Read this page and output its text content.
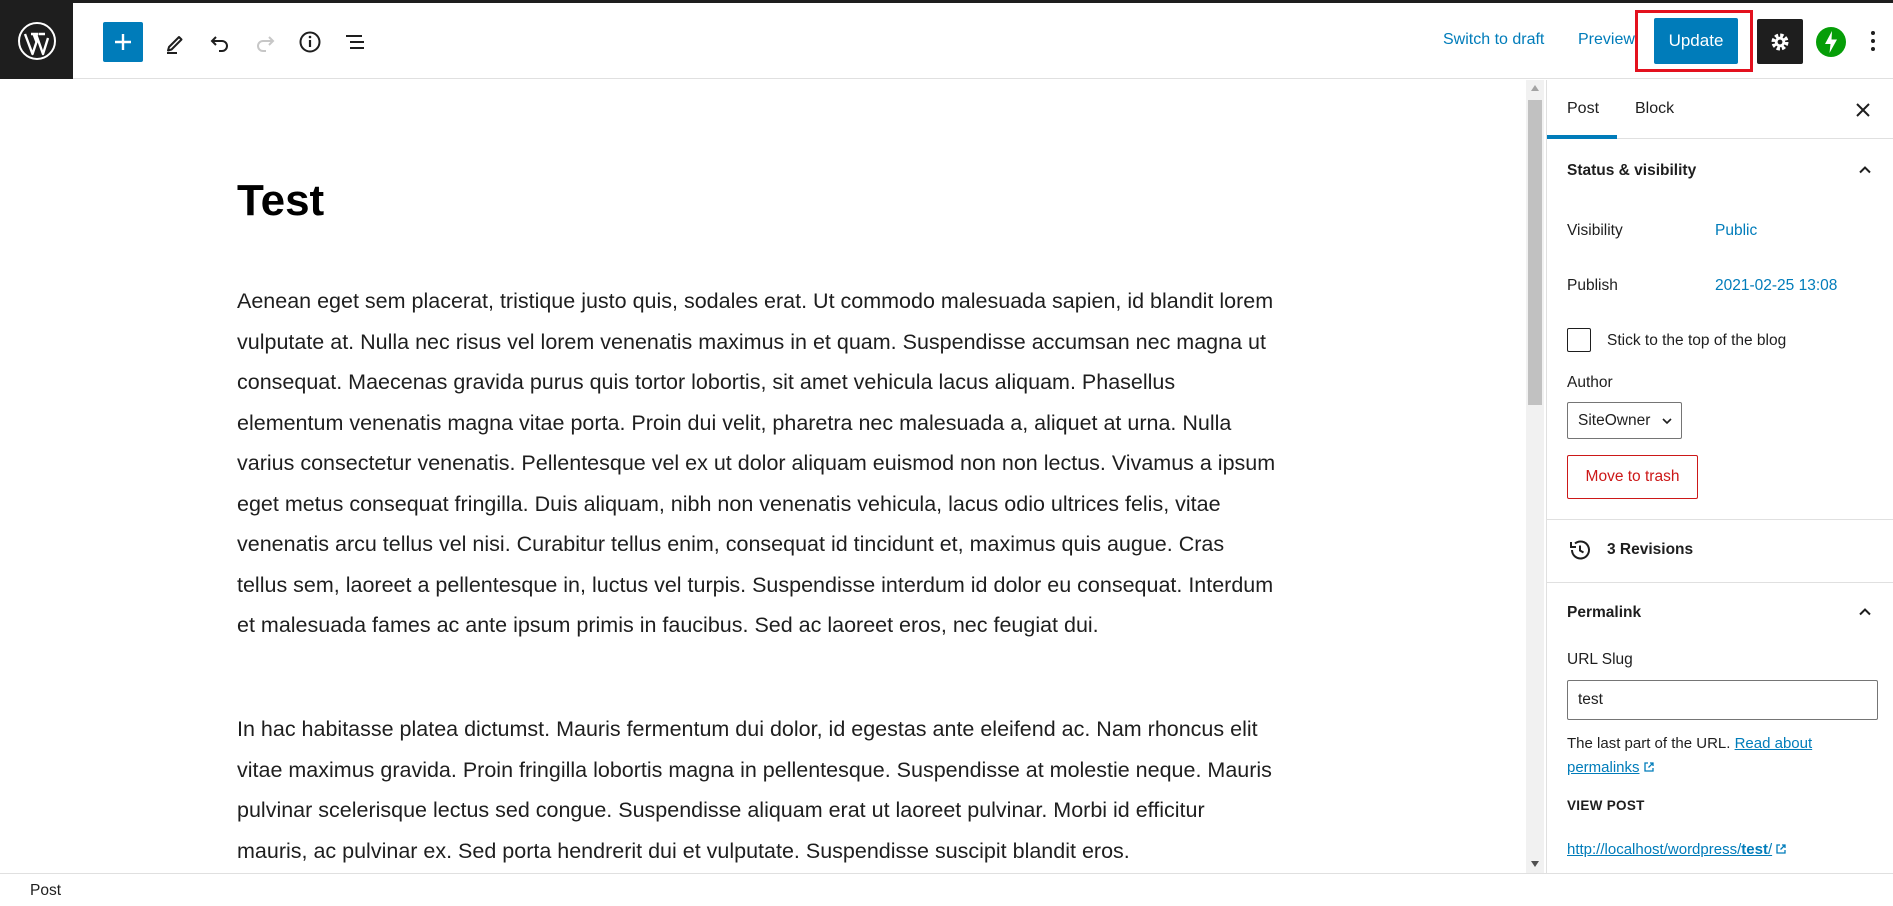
Switch to draft Preview	Update
Test

Aenean eget sem placerat, tristique justo quis, sodales erat. Ut commodo malesuada sapien, id blandit lorem vulputate at. Nulla nec risus vel lorem venenatis maximus in et quam. Suspendisse accumsan nec magna ut consequat. Maecenas gravida purus quis tortor lobortis, sit amet vehicula lacus aliquam. Phasellus elementum venenatis magna vitae porta. Proin dui velit, pharetra nec malesuada a, aliquet at urna. Nulla varius consectetur venenatis. Pellentesque vel ex ut dolor aliquam euismod non non lectus. Vivamus a ipsum eget metus consequat fringilla. Duis aliquam, nibh non venenatis vehicula, lacus odio ultrices felis, vitae venenatis arcu tellus vel nisi. Curabitur tellus enim, consequat id tincidunt et, maximus quis augue. Cras tellus sem, laoreet a pellentesque in, luctus vel turpis. Suspendisse interdum id dolor eu consequat. Interdum et malesuada fames ac ante ipsum primis in faucibus. Sed ac laoreet eros, nec feugiat dui.

In hac habitasse platea dictumst. Mauris fermentum dui dolor, id egestas ante eleifend ac. Nam rhoncus elit vitae maximus gravida. Proin fringilla lobortis magna in pellentesque. Suspendisse at molestie neque. Mauris pulvinar scelerisque lectus sed congue. Suspendisse aliquam erat ut laoreet pulvinar. Morbi id efficitur mauris, ac pulvinar ex. Sed porta hendrerit dui et vulputate. Suspendisse suscipit blandit eros.

Post Block
Status & visibility
Visibility	Public
Publish	2021-02-25 13:08
Stick to the top of the blog
Author
SiteOwner
Move to trash
3 Revisions
Permalink
URL Slug
test
The last part of the URL. Read about permalinks
VIEW POST
http://localhost/wordpress/test/
Post
